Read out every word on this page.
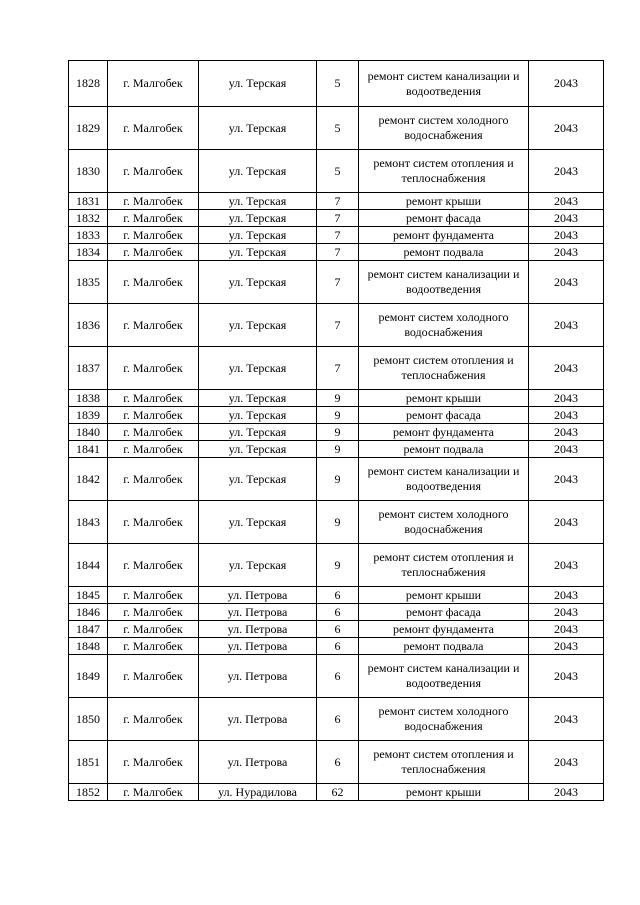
1828	г. Малгобек	ул. Терская	5	ремонт систем канализации и водоотведения	2043
1829	г. Малгобек	ул. Терская	5	ремонт систем холодного водоснабжения	2043
1830	г. Малгобек	ул. Терская	5	ремонт систем отопления и теплоснабжения	2043
1831	г. Малгобек	ул. Терская	7	ремонт крыши	2043
1832	г. Малгобек	ул. Терская	7	ремонт фасада	2043
1833	г. Малгобек	ул. Терская	7	ремонт фундамента	2043
1834	г. Малгобек	ул. Терская	7	ремонт подвала	2043
1835	г. Малгобек	ул. Терская	7	ремонт систем канализации и водоотведения	2043
1836	г. Малгобек	ул. Терская	7	ремонт систем холодного водоснабжения	2043
1837	г. Малгобек	ул. Терская	7	ремонт систем отопления и теплоснабжения	2043
1838	г. Малгобек	ул. Терская	9	ремонт крыши	2043
1839	г. Малгобек	ул. Терская	9	ремонт фасада	2043
1840	г. Малгобек	ул. Терская	9	ремонт фундамента	2043
1841	г. Малгобек	ул. Терская	9	ремонт подвала	2043
1842	г. Малгобек	ул. Терская	9	ремонт систем канализации и водоотведения	2043
1843	г. Малгобек	ул. Терская	9	ремонт систем холодного водоснабжения	2043
1844	г. Малгобек	ул. Терская	9	ремонт систем отопления и теплоснабжения	2043
1845	г. Малгобек	ул. Петрова	6	ремонт крыши	2043
1846	г. Малгобек	ул. Петрова	6	ремонт фасада	2043
1847	г. Малгобек	ул. Петрова	6	ремонт фундамента	2043
1848	г. Малгобек	ул. Петрова	6	ремонт подвала	2043
1849	г. Малгобек	ул. Петрова	6	ремонт систем канализации и водоотведения	2043
1850	г. Малгобек	ул. Петрова	6	ремонт систем холодного водоснабжения	2043
1851	г. Малгобек	ул. Петрова	6	ремонт систем отопления и теплоснабжения	2043
1852	г. Малгобек	ул. Нурадилова	62	ремонт крыши	2043
